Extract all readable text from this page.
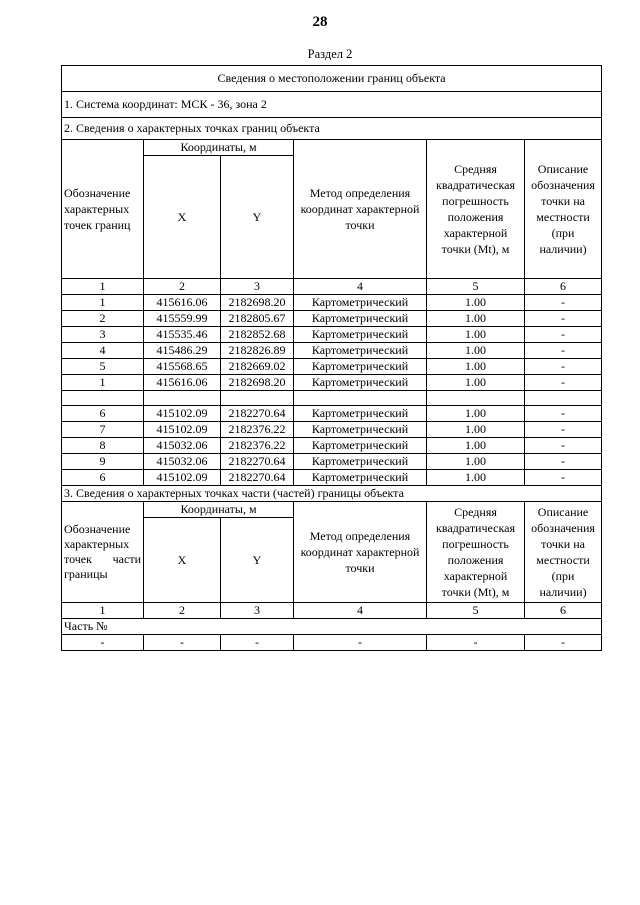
28
Раздел 2
Сведения о местоположении границ объекта					
1. Система координат: МСК - 36, зона 2					
2. Сведения о характерных точках границ объекта					
Обозначение характерных точек границ	Координаты, м		Метод определения координат характерной точки	Средняя квадратическая погрешность положения характерной точки (Mt), м	Описание обозначения точки на местности (при наличии)
	X	Y			
1	2	3	4	5	6
1	415616.06	2182698.20	Картометрический	1.00	-
2	415559.99	2182805.67	Картометрический	1.00	-
3	415535.46	2182852.68	Картометрический	1.00	-
4	415486.29	2182826.89	Картометрический	1.00	-
5	415568.65	2182669.02	Картометрический	1.00	-
1	415616.06	2182698.20	Картометрический	1.00	-

6	415102.09	2182270.64	Картометрический	1.00	-
7	415102.09	2182376.22	Картометрический	1.00	-
8	415032.06	2182376.22	Картометрический	1.00	-
9	415032.06	2182270.64	Картометрический	1.00	-
6	415102.09	2182270.64	Картометрический	1.00	-
3. Сведения о характерных точках части (частей) границы объекта					
Обозначение характерных точек части границы	Координаты, м		Метод определения координат характерной точки	Средняя квадратическая погрешность положения характерной точки (Mt), м	Описание обозначения точки на местности (при наличии)
	X	Y			
1	2	3	4	5	6
Часть №					
-	-	-	-	-	-
